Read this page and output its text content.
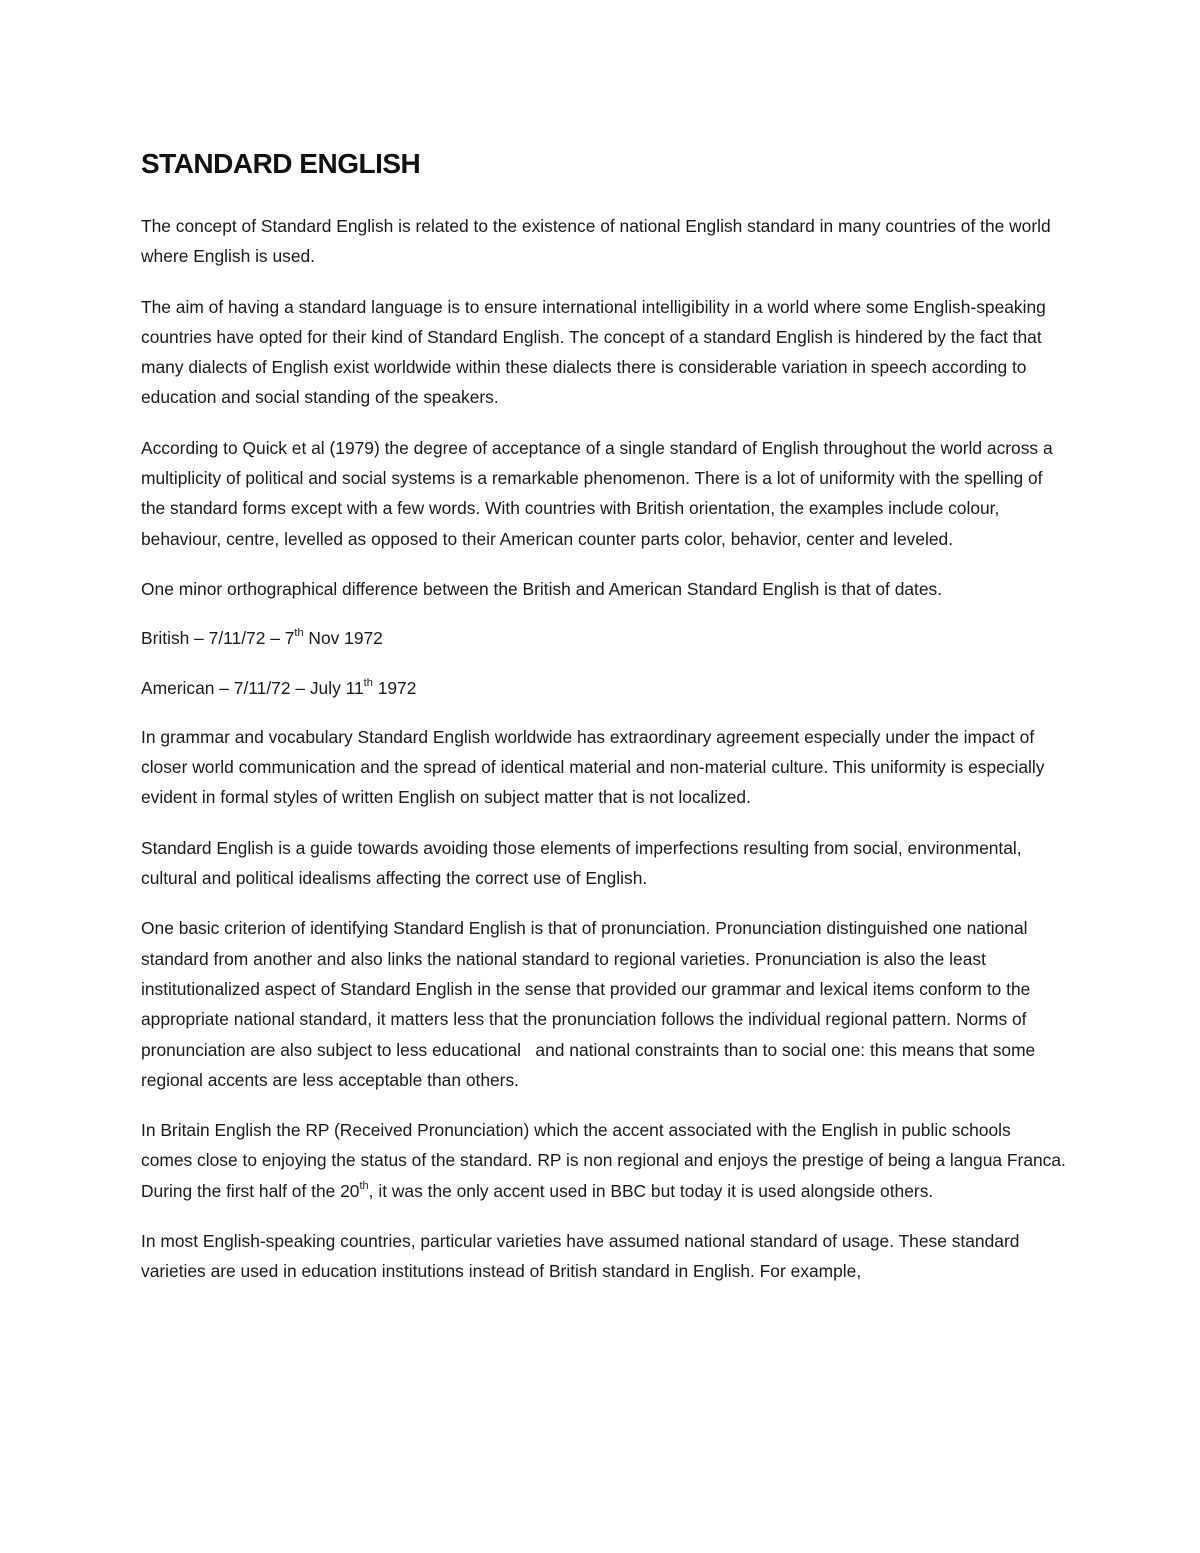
STANDARD ENGLISH

The concept of Standard English is related to the existence of national English standard in many countries of the world where English is used.

The aim of having a standard language is to ensure international intelligibility in a world where some English-speaking countries have opted for their kind of Standard English. The concept of a standard English is hindered by the fact that many dialects of English exist worldwide within these dialects there is considerable variation in speech according to education and social standing of the speakers.

According to Quick et al (1979) the degree of acceptance of a single standard of English throughout the world across a multiplicity of political and social systems is a remarkable phenomenon. There is a lot of uniformity with the spelling of the standard forms except with a few words. With countries with British orientation, the examples include colour, behaviour, centre, levelled as opposed to their American counter parts color, behavior, center and leveled.

One minor orthographical difference between the British and American Standard English is that of dates.

British – 7/11/72 – 7th Nov 1972

American – 7/11/72 – July 11th 1972

In grammar and vocabulary Standard English worldwide has extraordinary agreement especially under the impact of closer world communication and the spread of identical material and non-material culture. This uniformity is especially evident in formal styles of written English on subject matter that is not localized.

Standard English is a guide towards avoiding those elements of imperfections resulting from social, environmental, cultural and political idealisms affecting the correct use of English.

One basic criterion of identifying Standard English is that of pronunciation. Pronunciation distinguished one national standard from another and also links the national standard to regional varieties. Pronunciation is also the least institutionalized aspect of Standard English in the sense that provided our grammar and lexical items conform to the appropriate national standard, it matters less that the pronunciation follows the individual regional pattern. Norms of pronunciation are also subject to less educational   and national constraints than to social one: this means that some regional accents are less acceptable than others.

In Britain English the RP (Received Pronunciation) which the accent associated with the English in public schools comes close to enjoying the status of the standard. RP is non regional and enjoys the prestige of being a langua Franca. During the first half of the 20th, it was the only accent used in BBC but today it is used alongside others.

In most English-speaking countries, particular varieties have assumed national standard of usage. These standard varieties are used in education institutions instead of British standard in English. For example,
